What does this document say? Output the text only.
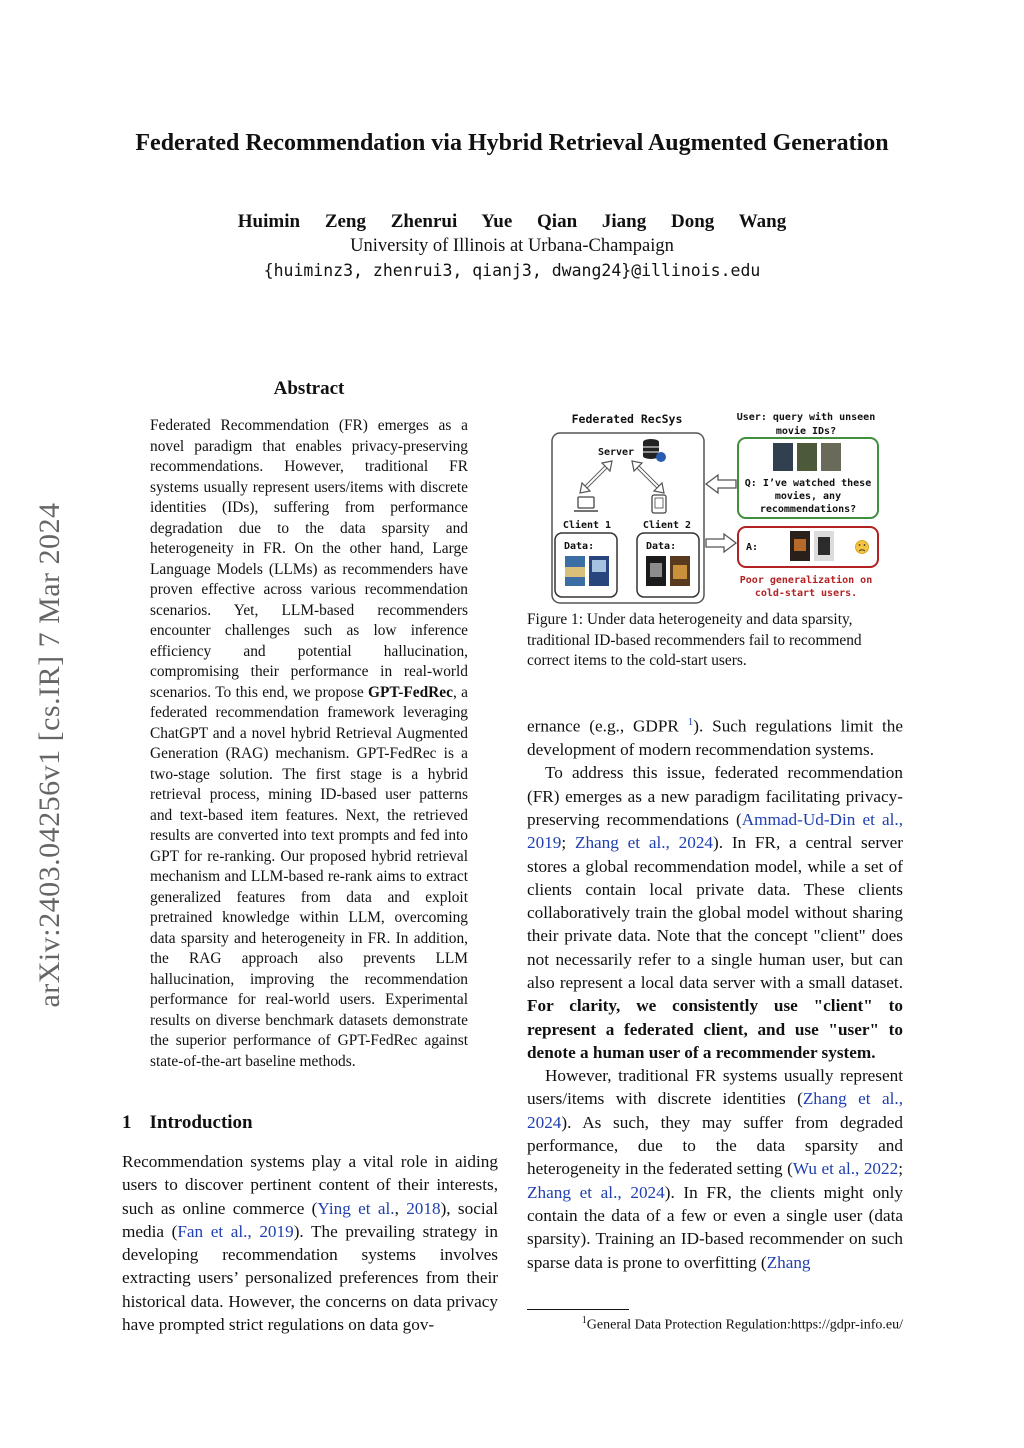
arXiv:2403.04256v1 [cs.IR] 7 Mar 2024
Federated Recommendation via Hybrid Retrieval Augmented Generation
Huimin Zeng Zhenrui Yue Qian Jiang Dong Wang
University of Illinois at Urbana-Champaign
{huiminz3, zhenrui3, qianj3, dwang24}@illinois.edu
Abstract
Federated Recommendation (FR) emerges as a novel paradigm that enables privacy-preserving recommendations. However, traditional FR systems usually represent users/items with discrete identities (IDs), suffering from performance degradation due to the data sparsity and heterogeneity in FR. On the other hand, Large Language Models (LLMs) as recommenders have proven effective across various recommendation scenarios. Yet, LLM-based recommenders encounter challenges such as low inference efficiency and potential hallucination, compromising their performance in real-world scenarios. To this end, we propose GPT-FedRec, a federated recommendation framework leveraging ChatGPT and a novel hybrid Retrieval Augmented Generation (RAG) mechanism. GPT-FedRec is a two-stage solution. The first stage is a hybrid retrieval process, mining ID-based user patterns and text-based item features. Next, the retrieved results are converted into text prompts and fed into GPT for re-ranking. Our proposed hybrid retrieval mechanism and LLM-based re-rank aims to extract generalized features from data and exploit pretrained knowledge within LLM, overcoming data sparsity and heterogeneity in FR. In addition, the RAG approach also prevents LLM hallucination, improving the recommendation performance for real-world users. Experimental results on diverse benchmark datasets demonstrate the superior performance of GPT-FedRec against state-of-the-art baseline methods.
1 Introduction
Recommendation systems play a vital role in aiding users to discover pertinent content of their interests, such as online commerce (Ying et al., 2018), social media (Fan et al., 2019). The prevailing strategy in developing recommendation systems involves extracting users’ personalized preferences from their historical data. However, the concerns on data privacy have prompted strict regulations on data gov-

ernance (e.g., GDPR $^1$). Such regulations limit the development of modern recommendation systems.

To address this issue, federated recommendation (FR) emerges as a new paradigm facilitating privacy-preserving recommendations (Ammad-Ud-Din et al., 2019; Zhang et al., 2024). In FR, a central server stores a global recommendation model, while a set of clients contain local private data. These clients collaboratively train the global model without sharing their private data. Note that the concept "client" does not necessarily refer to a single human user, but can also represent a local data server with a small dataset. For clarity, we consistently use "client" to represent a federated client, and use "user" to denote a human user of a recommender system.

However, traditional FR systems usually represent users/items with discrete identities (Zhang et al., 2024). As such, they may suffer from degraded performance, due to the data sparsity and heterogeneity in the federated setting (Wu et al., 2022; Zhang et al., 2024). In FR, the clients might only contain the data of a few or even a single user (data sparsity). Training an ID-based recommender on such sparse data is prone to overfitting (Zhang

Federated RecSys
Server
Client 1	Client 2
Data:	Data:
User: query with unseen
movie IDs?
Q: I’ve watched these
movies, any
recommendations?
A:
Poor generalization on
cold-start users.
Figure 1: Under data heterogeneity and data sparsity, traditional ID-based recommenders fail to recommend correct items to the cold-start users.
$^1$General Data Protection Regulation:https://gdpr-info.eu/
